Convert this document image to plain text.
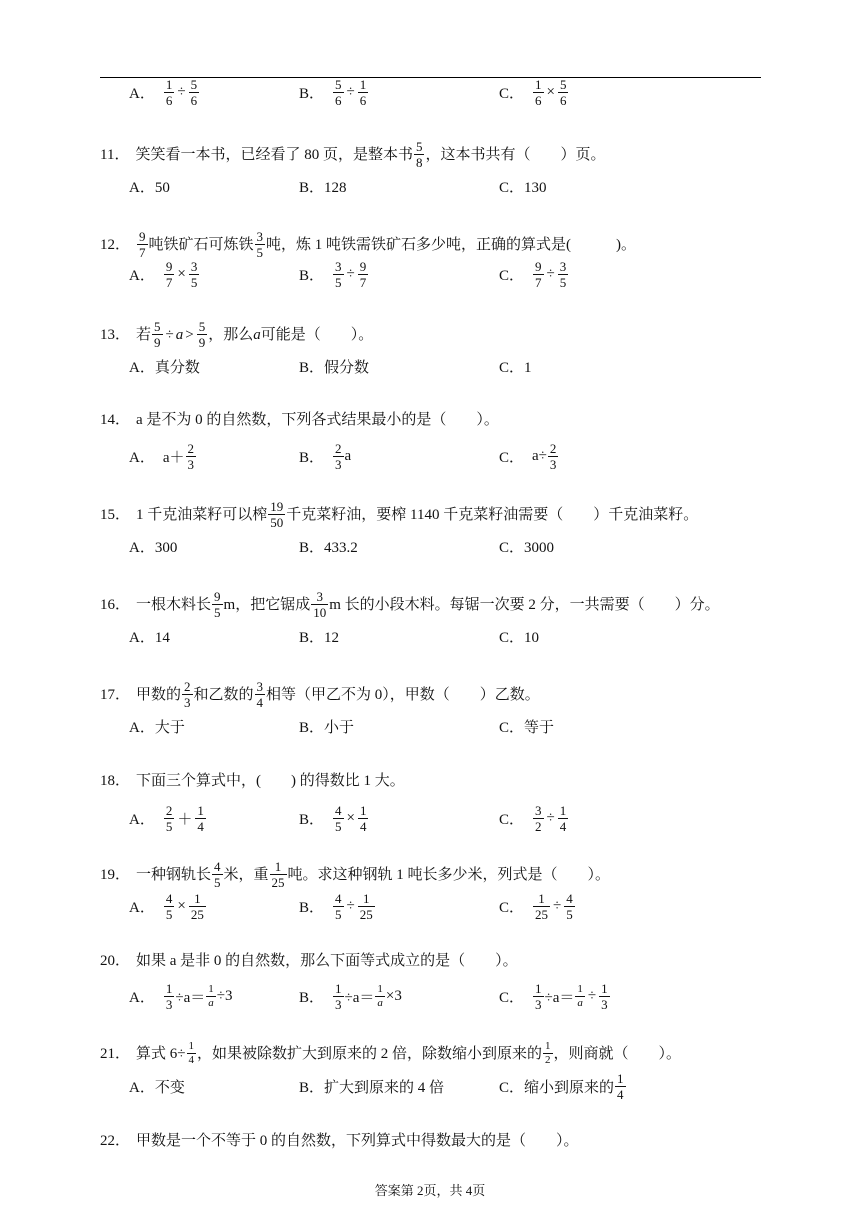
A． $\frac{1}{6} \div \frac{5}{6}$	B． $\frac{5}{6} \div \frac{1}{6}$	C． $\frac{1}{6} \times \frac{5}{6}$
11． 笑笑看一本书，已经看了 80 页，是整本书 $\frac{5}{8}$ ，这本书共有（　　）页。
A．50	B．128	C．130
12． $\frac{9}{7}$ 吨铁矿石可炼铁 $\frac{3}{5}$ 吨，炼 1 吨铁需铁矿石多少吨，正确的算式是(　　　)。
A． $\frac{9}{7} \times \frac{3}{5}$	B． $\frac{3}{5} \div \frac{9}{7}$	C． $\frac{9}{7} \div \frac{3}{5}$
13． 若 $\frac{5}{9} \div a > \frac{5}{9}$ ，那么 a 可能是（　　）。
A．真分数	B．假分数	C．1
14． a 是不为 0 的自然数，下列各式结果最小的是（　　）。
A． $a+ \frac{2}{3}$	B． $\frac{2}{3}$ a	C． $a\div \frac{2}{3}$
15． 1 千克油菜籽可以榨 $\frac{19}{50}$ 千克菜籽油，要榨 1140 千克菜籽油需要（　　）千克油菜籽。
A．300	B．433.2	C．3000
16． 一根木料长 $\frac{9}{5}$ m，把它锯成 $\frac{3}{10}$ m 长的小段木料。每锯一次要 2 分，一共需要（　　）分。
A．14	B．12	C．10
17． 甲数的 $\frac{2}{3}$ 和乙数的 $\frac{3}{4}$ 相等（甲乙不为 0），甲数（　　）乙数。
A．大于	B．小于	C．等于
18． 下面三个算式中，(　　) 的得数比 1 大。
A． $\frac{2}{5} + \frac{1}{4}$	B． $\frac{4}{5} \times \frac{1}{4}$	C． $\frac{3}{2} \div \frac{1}{4}$
19． 一种钢轨长 $\frac{4}{5}$ 米，重 $\frac{1}{25}$ 吨。求这种钢轨 1 吨长多少米，列式是（　　）。
A． $\frac{4}{5} \times \frac{1}{25}$	B． $\frac{4}{5} \div \frac{1}{25}$	C． $\frac{1}{25} \div \frac{4}{5}$
20． 如果 a 是非 0 的自然数，那么下面等式成立的是（　　）。
A． $\frac{1}{3} \div a= \frac{1}{a} \div 3$	B． $\frac{1}{3} \div a= \frac{1}{a} \times 3$	C． $\frac{1}{3} \div a= \frac{1}{a} \div \frac{1}{3}$
21． 算式 $6\div \frac{1}{4}$ ，如果被除数扩大到原来的 2 倍，除数缩小到原来的 $\frac{1}{2}$ ，则商就（　　）。
A．不变	B．扩大到原来的 4 倍	C．缩小到原来的 $\frac{1}{4}$
22． 甲数是一个不等于 0 的自然数，下列算式中得数最大的是（　　）。
答案第 2页，共 4页
